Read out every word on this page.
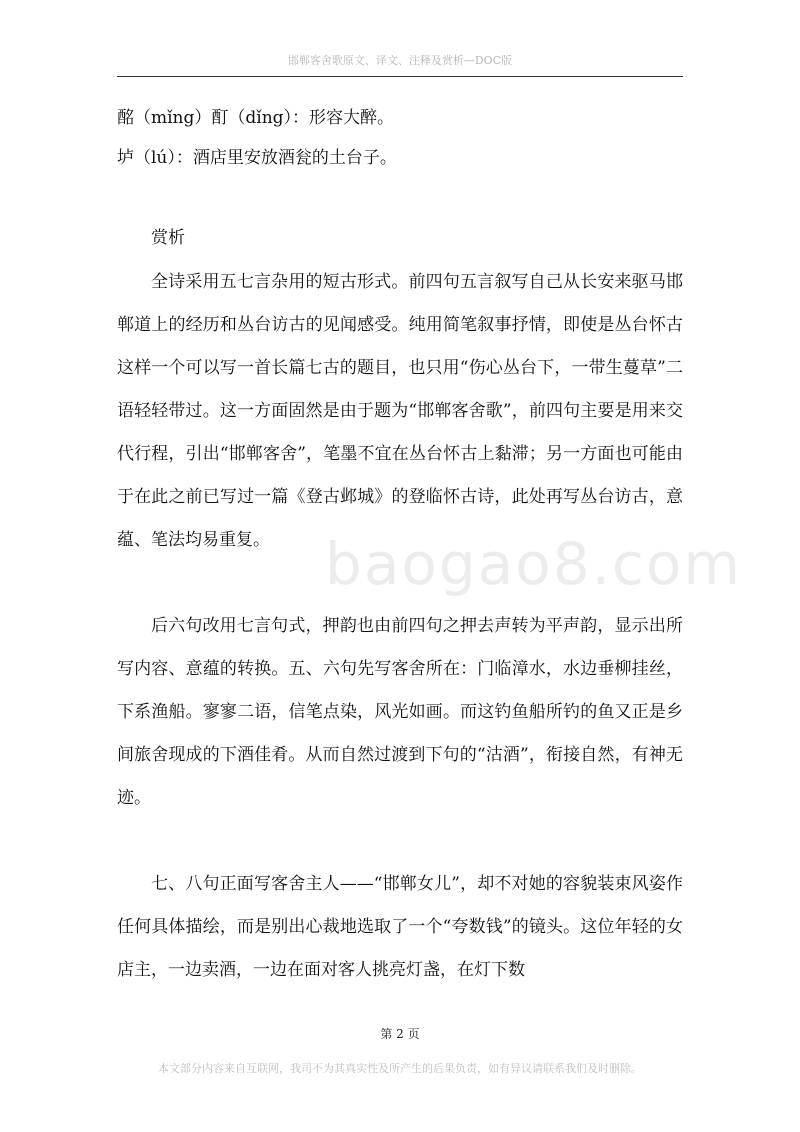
邯郸客舍歌原文、译文、注释及赏析—DOC版
baogao8.com
酩（mǐng）酊（dǐng）：形容大醉。
垆（lú）：酒店里安放酒瓮的土台子。
赏析
全诗采用五七言杂用的短古形式。前四句五言叙写自己从长安来驱马邯郸道上的经历和丛台访古的见闻感受。纯用简笔叙事抒情，即使是丛台怀古这样一个可以写一首长篇七古的题目，也只用“伤心丛台下，一带生蔓草”二语轻轻带过。这一方面固然是由于题为“邯郸客舍歌”，前四句主要是用来交代行程，引出“邯郸客舍”，笔墨不宜在丛台怀古上黏滞；另一方面也可能由于在此之前已写过一篇《登古邺城》的登临怀古诗，此处再写丛台访古，意蕴、笔法均易重复。
后六句改用七言句式，押韵也由前四句之押去声转为平声韵，显示出所写内容、意蕴的转换。五、六句先写客舍所在：门临漳水，水边垂柳挂丝，下系渔船。寥寥二语，信笔点染，风光如画。而这钓鱼船所钓的鱼又正是乡间旅舍现成的下酒佳肴。从而自然过渡到下句的“沽酒”，衔接自然，有神无迹。
七、八句正面写客舍主人——“邯郸女儿”，却不对她的容貌装束风姿作任何具体描绘，而是别出心裁地选取了一个“夸数钱”的镜头。这位年轻的女店主，一边卖酒，一边在面对客人挑亮灯盏，在灯下数
第 2 页
本文部分内容来自互联网，我司不为其真实性及所产生的后果负责，如有异议请联系我们及时删除。
